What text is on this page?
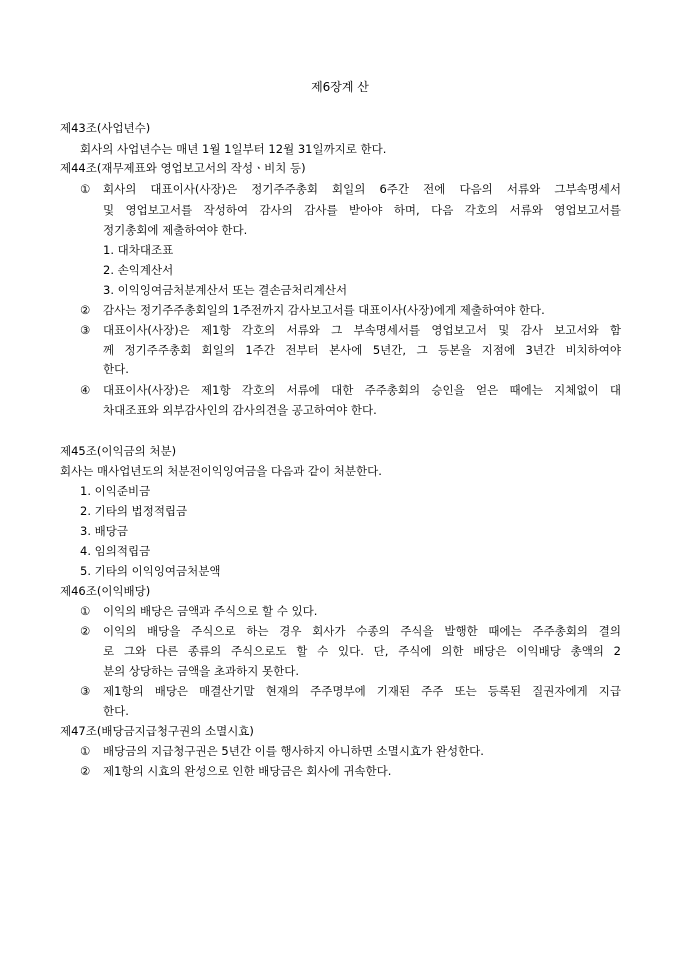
제6장계 산
제43조(사업년수)
회사의 사업년수는 매년 1월 1일부터 12월 31일까지로 한다.
제44조(재무제표와 영업보고서의 작성ㆍ비치 등)
① 회사의 대표이사(사장)은 정기주주총회 회일의 6주간 전에 다음의 서류와 그부속명세서
및 영업보고서를 작성하여 감사의 감사를 받아야 하며, 다음 각호의 서류와 영업보고서를
정기총회에 제출하여야 한다.
1. 대차대조표
2. 손익계산서
3. 이익잉여금처분계산서 또는 결손금처리계산서
② 감사는 정기주주총회일의 1주전까지 감사보고서를 대표이사(사장)에게 제출하여야 한다.
③ 대표이사(사장)은 제1항 각호의 서류와 그 부속명세서를 영업보고서 및 감사 보고서와 함
께 정기주주총회 회일의 1주간 전부터 본사에 5년간, 그 등본을 지점에 3년간 비치하여야
한다.
④ 대표이사(사장)은 제1항 각호의 서류에 대한 주주총회의 승인을 얻은 때에는 지체없이 대
차대조표와 외부감사인의 감사의견을 공고하여야 한다.
제45조(이익금의 처분)
회사는 매사업년도의 처분전이익잉여금을 다음과 같이 처분한다.
1. 이익준비금
2. 기타의 법정적립금
3. 배당금
4. 임의적립금
5. 기타의 이익잉여금처분액
제46조(이익배당)
① 이익의 배당은 금액과 주식으로 할 수 있다.
② 이익의 배당을 주식으로 하는 경우 회사가 수종의 주식을 발행한 때에는 주주총회의 결의
로 그와 다른 종류의 주식으로도 할 수 있다. 단, 주식에 의한 배당은 이익배당 총액의 2
분의 상당하는 금액을 초과하지 못한다.
③ 제1항의 배당은 매결산기말 현재의 주주명부에 기재된 주주 또는 등록된 질권자에게 지급
한다.
제47조(배당금지급청구권의 소멸시효)
① 배당금의 지급청구권은 5년간 이를 행사하지 아니하면 소멸시효가 완성한다.
② 제1항의 시효의 완성으로 인한 배당금은 회사에 귀속한다.
